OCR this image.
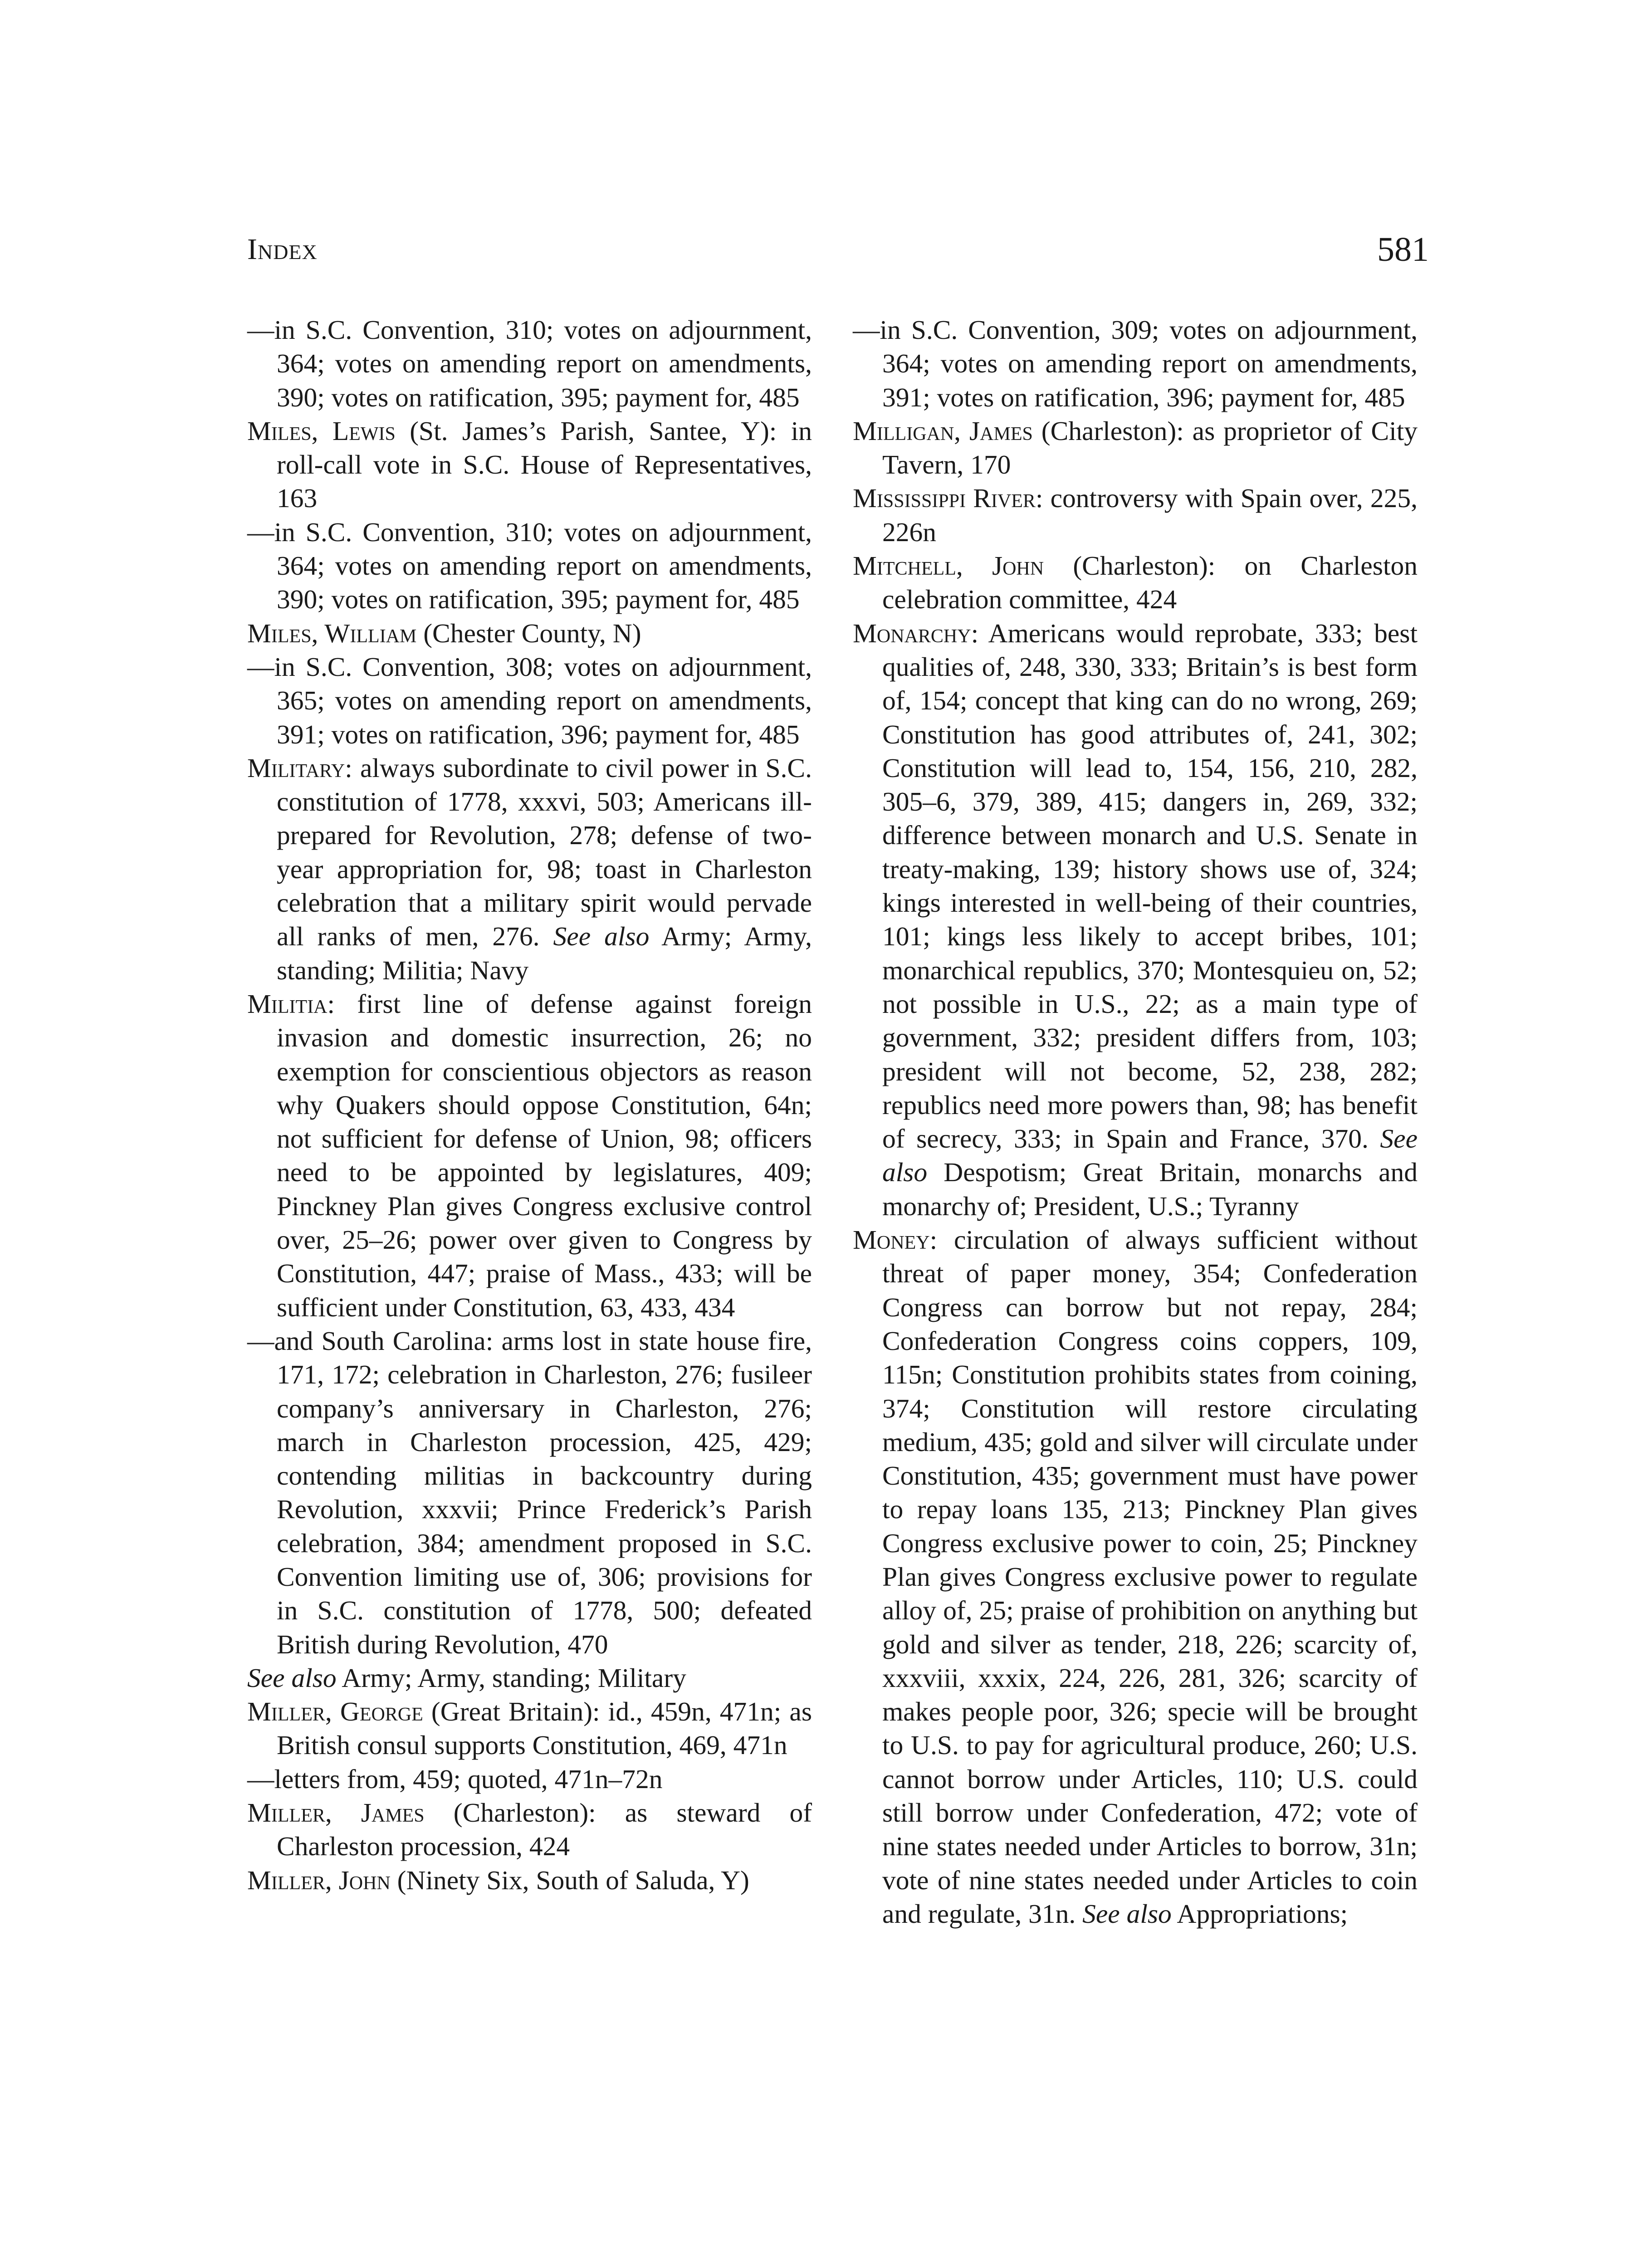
Index	581

—in S.C. Convention, 310; votes on adjournment, 364; votes on amending report on amendments, 390; votes on ratification, 395; payment for, 485

Miles, Lewis (St. James’s Parish, Santee, Y): in roll-call vote in S.C. House of Representatives, 163

—in S.C. Convention, 310; votes on adjournment, 364; votes on amending report on amendments, 390; votes on ratification, 395; payment for, 485

Miles, William (Chester County, N)

—in S.C. Convention, 308; votes on adjournment, 365; votes on amending report on amendments, 391; votes on ratification, 396; payment for, 485

Military: always subordinate to civil power in S.C. constitution of 1778, xxxvi, 503; Americans ill-prepared for Revolution, 278; defense of two-year appropriation for, 98; toast in Charleston celebration that a military spirit would pervade all ranks of men, 276. See also Army; Army, standing; Militia; Navy

Militia: first line of defense against foreign invasion and domestic insurrection, 26; no exemption for conscientious objectors as reason why Quakers should oppose Constitution, 64n; not sufficient for defense of Union, 98; officers need to be appointed by legislatures, 409; Pinckney Plan gives Congress exclusive control over, 25–26; power over given to Congress by Constitution, 447; praise of Mass., 433; will be sufficient under Constitution, 63, 433, 434

—and South Carolina: arms lost in state house fire, 171, 172; celebration in Charleston, 276; fusileer company’s anniversary in Charleston, 276; march in Charleston procession, 425, 429; contending militias in backcountry during Revolution, xxxvii; Prince Frederick’s Parish celebration, 384; amendment proposed in S.C. Convention limiting use of, 306; provisions for in S.C. constitution of 1778, 500; defeated British during Revolution, 470

See also Army; Army, standing; Military

Miller, George (Great Britain): id., 459n, 471n; as British consul supports Constitution, 469, 471n

—letters from, 459; quoted, 471n–72n

Miller, James (Charleston): as steward of Charleston procession, 424

Miller, John (Ninety Six, South of Saluda, Y)

—in S.C. Convention, 309; votes on adjournment, 364; votes on amending report on amendments, 391; votes on ratification, 396; payment for, 485

Milligan, James (Charleston): as proprietor of City Tavern, 170

Mississippi River: controversy with Spain over, 225, 226n

Mitchell, John (Charleston): on Charleston celebration committee, 424

Monarchy: Americans would reprobate, 333; best qualities of, 248, 330, 333; Britain’s is best form of, 154; concept that king can do no wrong, 269; Constitution has good attributes of, 241, 302; Constitution will lead to, 154, 156, 210, 282, 305–6, 379, 389, 415; dangers in, 269, 332; difference between monarch and U.S. Senate in treaty-making, 139; history shows use of, 324; kings interested in well-being of their countries, 101; kings less likely to accept bribes, 101; monarchical republics, 370; Montesquieu on, 52; not possible in U.S., 22; as a main type of government, 332; president differs from, 103; president will not become, 52, 238, 282; republics need more powers than, 98; has benefit of secrecy, 333; in Spain and France, 370. See also Despotism; Great Britain, monarchs and monarchy of; President, U.S.; Tyranny

Money: circulation of always sufficient without threat of paper money, 354; Confederation Congress can borrow but not repay, 284; Confederation Congress coins coppers, 109, 115n; Constitution prohibits states from coining, 374; Constitution will restore circulating medium, 435; gold and silver will circulate under Constitution, 435; government must have power to repay loans 135, 213; Pinckney Plan gives Congress exclusive power to coin, 25; Pinckney Plan gives Congress exclusive power to regulate alloy of, 25; praise of prohibition on anything but gold and silver as tender, 218, 226; scarcity of, xxxviii, xxxix, 224, 226, 281, 326; scarcity of makes people poor, 326; specie will be brought to U.S. to pay for agricultural produce, 260; U.S. cannot borrow under Articles, 110; U.S. could still borrow under Confederation, 472; vote of nine states needed under Articles to borrow, 31n; vote of nine states needed under Articles to coin and regulate, 31n. See also Appropriations;
